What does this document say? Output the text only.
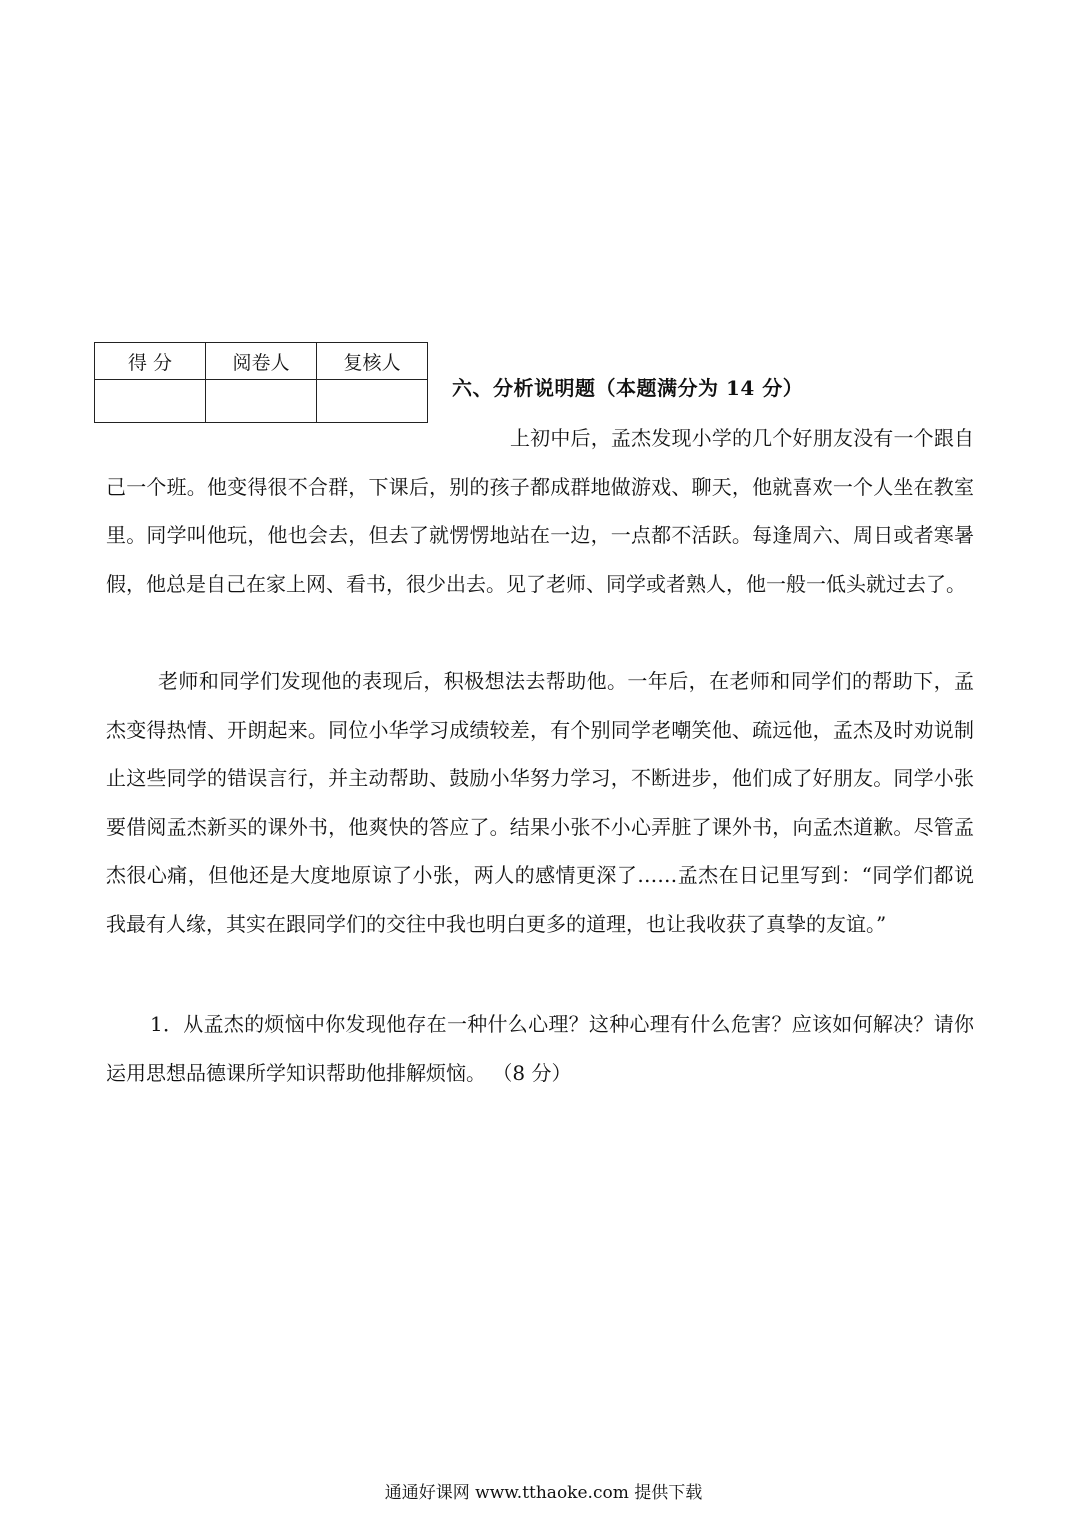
得 分	阅卷人	复核人

六、分析说明题（本题满分为 14 分）

上初中后，孟杰发现小学的几个好朋友没有一个跟自己一个班。他变得很不合群，下课后，别的孩子都成群地做游戏、聊天，他就喜欢一个人坐在教室里。同学叫他玩，他也会去，但去了就愣愣地站在一边，一点都不活跃。每逢周六、周日或者寒暑假，他总是自己在家上网、看书，很少出去。见了老师、同学或者熟人，他一般一低头就过去了。

老师和同学们发现他的表现后，积极想法去帮助他。一年后，在老师和同学们的帮助下，孟杰变得热情、开朗起来。同位小华学习成绩较差，有个别同学老嘲笑他、疏远他，孟杰及时劝说制止这些同学的错误言行，并主动帮助、鼓励小华努力学习，不断进步，他们成了好朋友。同学小张要借阅孟杰新买的课外书，他爽快的答应了。结果小张不小心弄脏了课外书，向孟杰道歉。尽管孟杰很心痛，但他还是大度地原谅了小张，两人的感情更深了……孟杰在日记里写到：“同学们都说我最有人缘，其实在跟同学们的交往中我也明白更多的道理，也让我收获了真挚的友谊。”

1．从孟杰的烦恼中你发现他存在一种什么心理？这种心理有什么危害？应该如何解决？请你运用思想品德课所学知识帮助他排解烦恼。 （8 分）

通通好课网 www.tthaoke.com 提供下载
